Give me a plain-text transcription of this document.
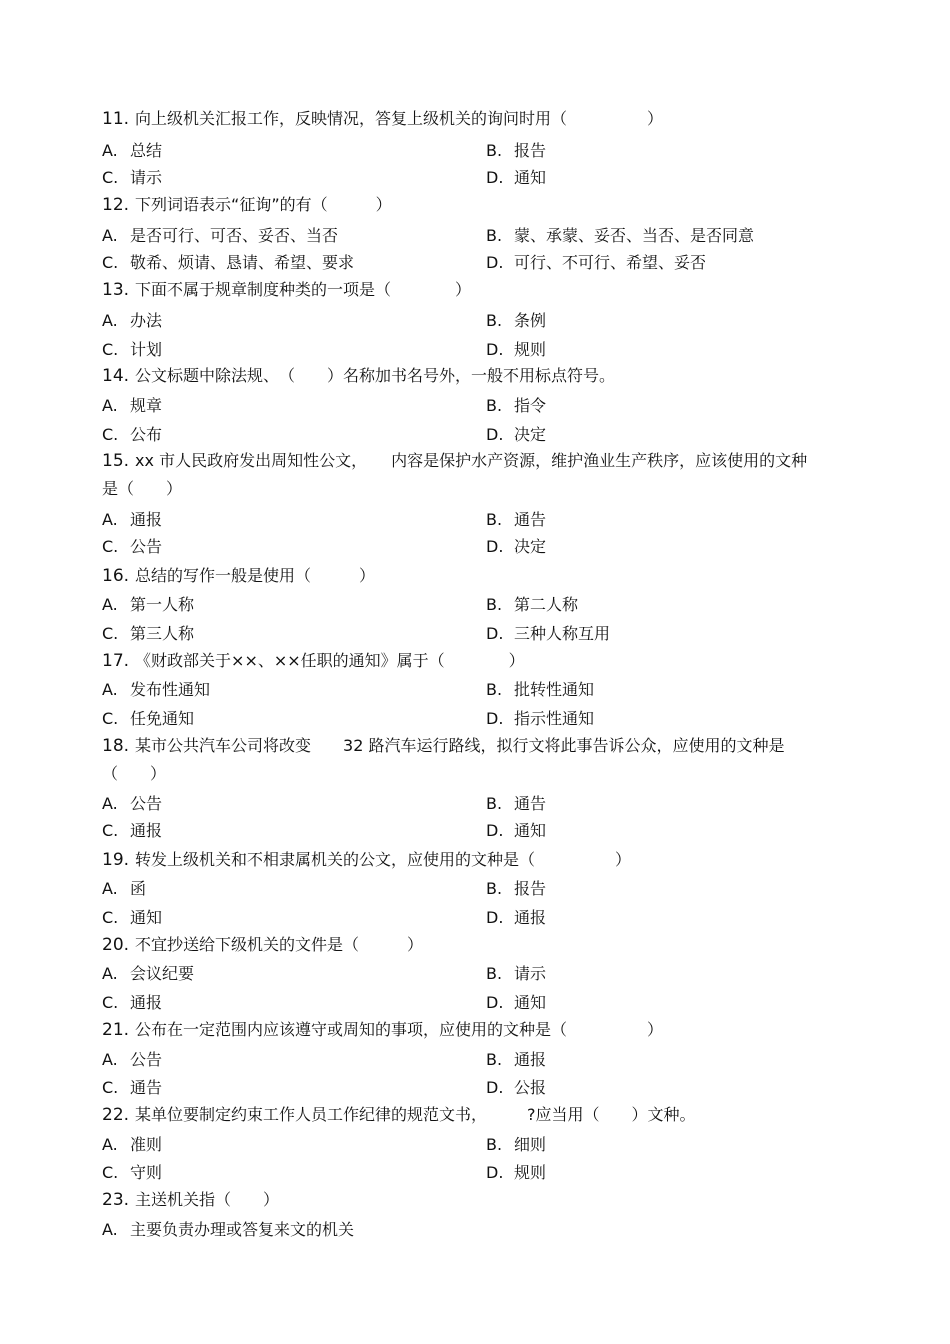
11. 向上级机关汇报工作，反映情况，答复上级机关的询问时用（　　　　　）
A. 总结	B. 报告
C. 请示	D. 通知
12. 下列词语表示“征询”的有（　　　）
A. 是否可行、可否、妥否、当否	B. 蒙、承蒙、妥否、当否、是否同意
C. 敬希、烦请、恳请、希望、要求	D. 可行、不可行、希望、妥否
13. 下面不属于规章制度种类的一项是（　　　　）
A. 办法	B. 条例
C. 计划	D. 规则
14. 公文标题中除法规、　（　　）名称加书名号外，一般不用标点符号。
A. 规章	B. 指令
C. 公布	D. 决定
15. xx 市人民政府发出周知性公文，　　内容是保护水产资源，维护渔业生产秩序，应该使用的文种是（　　）
A. 通报	B. 通告
C. 公告	D. 决定
16. 总结的写作一般是使用（　　　）
A. 第一人称	B. 第二人称
C. 第三人称	D. 三种人称互用
17. 《财政部关于××、××任职的通知》属于（　　　　）
A. 发布性通知	B. 批转性通知
C. 任免通知	D. 指示性通知
18. 某市公共汽车公司将改变　　32 路汽车运行路线，拟行文将此事告诉公众，应使用的文种是（　　）
A. 公告	B. 通告
C. 通报	D. 通知
19. 转发上级机关和不相隶属机关的公文，应使用的文种是（　　　　　）
A. 函	B. 报告
C. 通知	D. 通报
20. 不宜抄送给下级机关的文件是（　　　）
A. 会议纪要	B. 请示
C. 通报	D. 通知
21. 公布在一定范围内应该遵守或周知的事项，应使用的文种是（　　　　　）
A. 公告	B. 通报
C. 通告	D. 公报
22. 某单位要制定约束工作人员工作纪律的规范文书，　　　?应当用（　　）文种。
A. 准则	B. 细则
C. 守则	D. 规则
23. 主送机关指（　　）
A. 主要负责办理或答复来文的机关
